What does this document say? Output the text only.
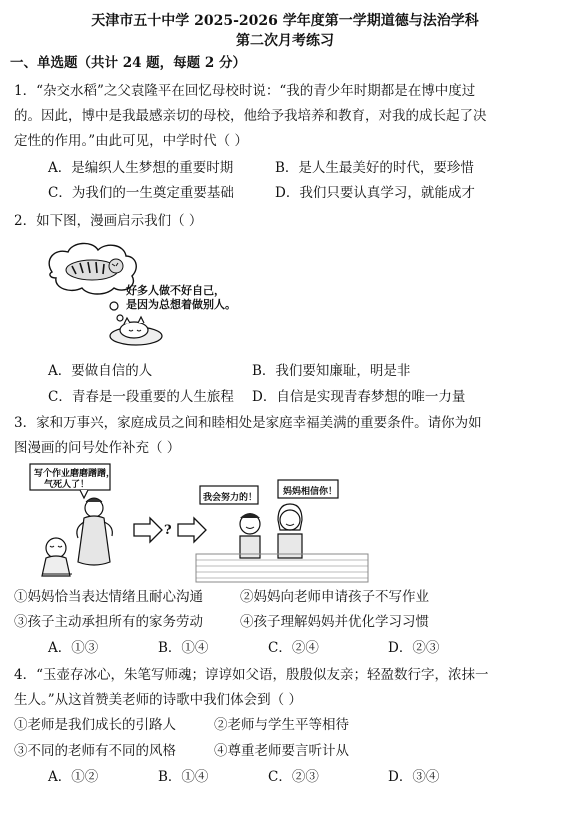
天津市五十中学 2025-2026 学年度第一学期道德与法治学科
第二次月考练习
一、单选题（共计 24 题，每题 2 分）
1．“杂交水稻”之父袁隆平在回忆母校时说：“我的青少年时期都是在博中度过
的。因此，博中是我最感亲切的母校，他给予我培养和教育，对我的成长起了决
定性的作用。”由此可见，中学时代（ ）
A．是编织人生梦想的重要时期	B．是人生最美好的时代，要珍惜
C．为我们的一生奠定重要基础	D．我们只要认真学习，就能成才
2．如下图，漫画启示我们（ ）
好多人做不好自己，
是因为总想着做别人。
A．要做自信的人	B．我们要知廉耻，明是非
C．青春是一段重要的人生旅程 D．自信是实现青春梦想的唯一力量
3．家和万事兴，家庭成员之间和睦相处是家庭幸福美满的重要条件。请你为如
图漫画的问号处作补充（ ）
写个作业磨磨蹭蹭，
气死人了！
?
我会努力的！
妈妈相信你！
①妈妈恰当表达情绪且耐心沟通	②妈妈向老师申请孩子不写作业
③孩子主动承担所有的家务劳动	④孩子理解妈妈并优化学习习惯
A．①③	B．①④	C．②④	D．②③
4．“玉壶存冰心，朱笔写师魂；谆谆如父语，殷殷似友亲；轻盈数行字，浓抹一
生人。”从这首赞美老师的诗歌中我们体会到（ ）
①老师是我们成长的引路人	②老师与学生平等相待
③不同的老师有不同的风格	④尊重老师要言听计从
A．①②	B．①④	C．②③	D．③④
